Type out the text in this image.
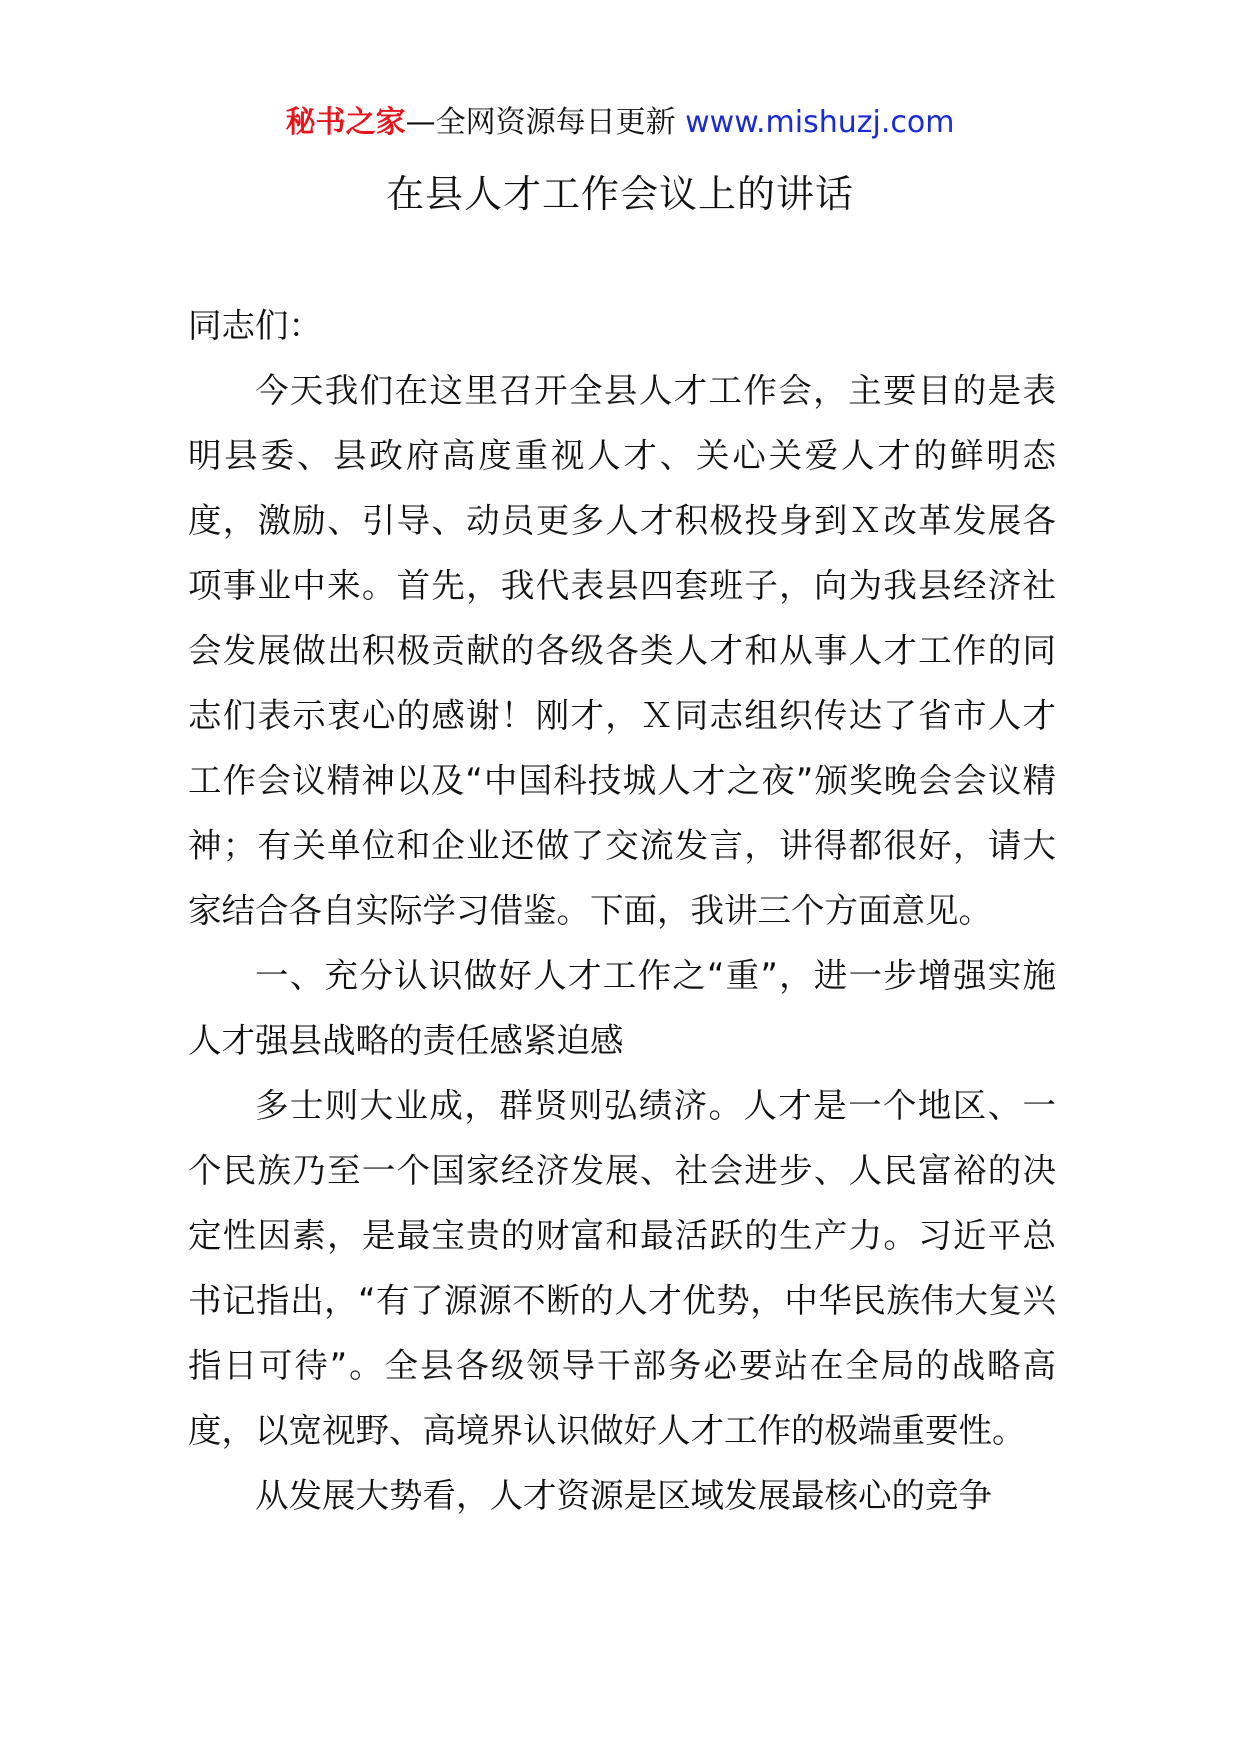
秘书之家—全网资源每日更新 www.mishuzj.com
在县人才工作会议上的讲话

同志们：

今天我们在这里召开全县人才工作会，主要目的是表明县委、县政府高度重视人才、关心关爱人才的鲜明态度，激励、引导、动员更多人才积极投身到Ｘ改革发展各项事业中来。首先，我代表县四套班子，向为我县经济社会发展做出积极贡献的各级各类人才和从事人才工作的同志们表示衷心的感谢！刚才，Ｘ同志组织传达了省市人才工作会议精神以及“中国科技城人才之夜”颁奖晚会会议精神；有关单位和企业还做了交流发言，讲得都很好，请大家结合各自实际学习借鉴。下面，我讲三个方面意见。

一、充分认识做好人才工作之“重”，进一步增强实施人才强县战略的责任感紧迫感

多士则大业成，群贤则弘绩济。人才是一个地区、一个民族乃至一个国家经济发展、社会进步、人民富裕的决定性因素，是最宝贵的财富和最活跃的生产力。习近平总书记指出，“有了源源不断的人才优势，中华民族伟大复兴指日可待”。全县各级领导干部务必要站在全局的战略高度，以宽视野、高境界认识做好人才工作的极端重要性。

从发展大势看，人才资源是区域发展最核心的竞争
